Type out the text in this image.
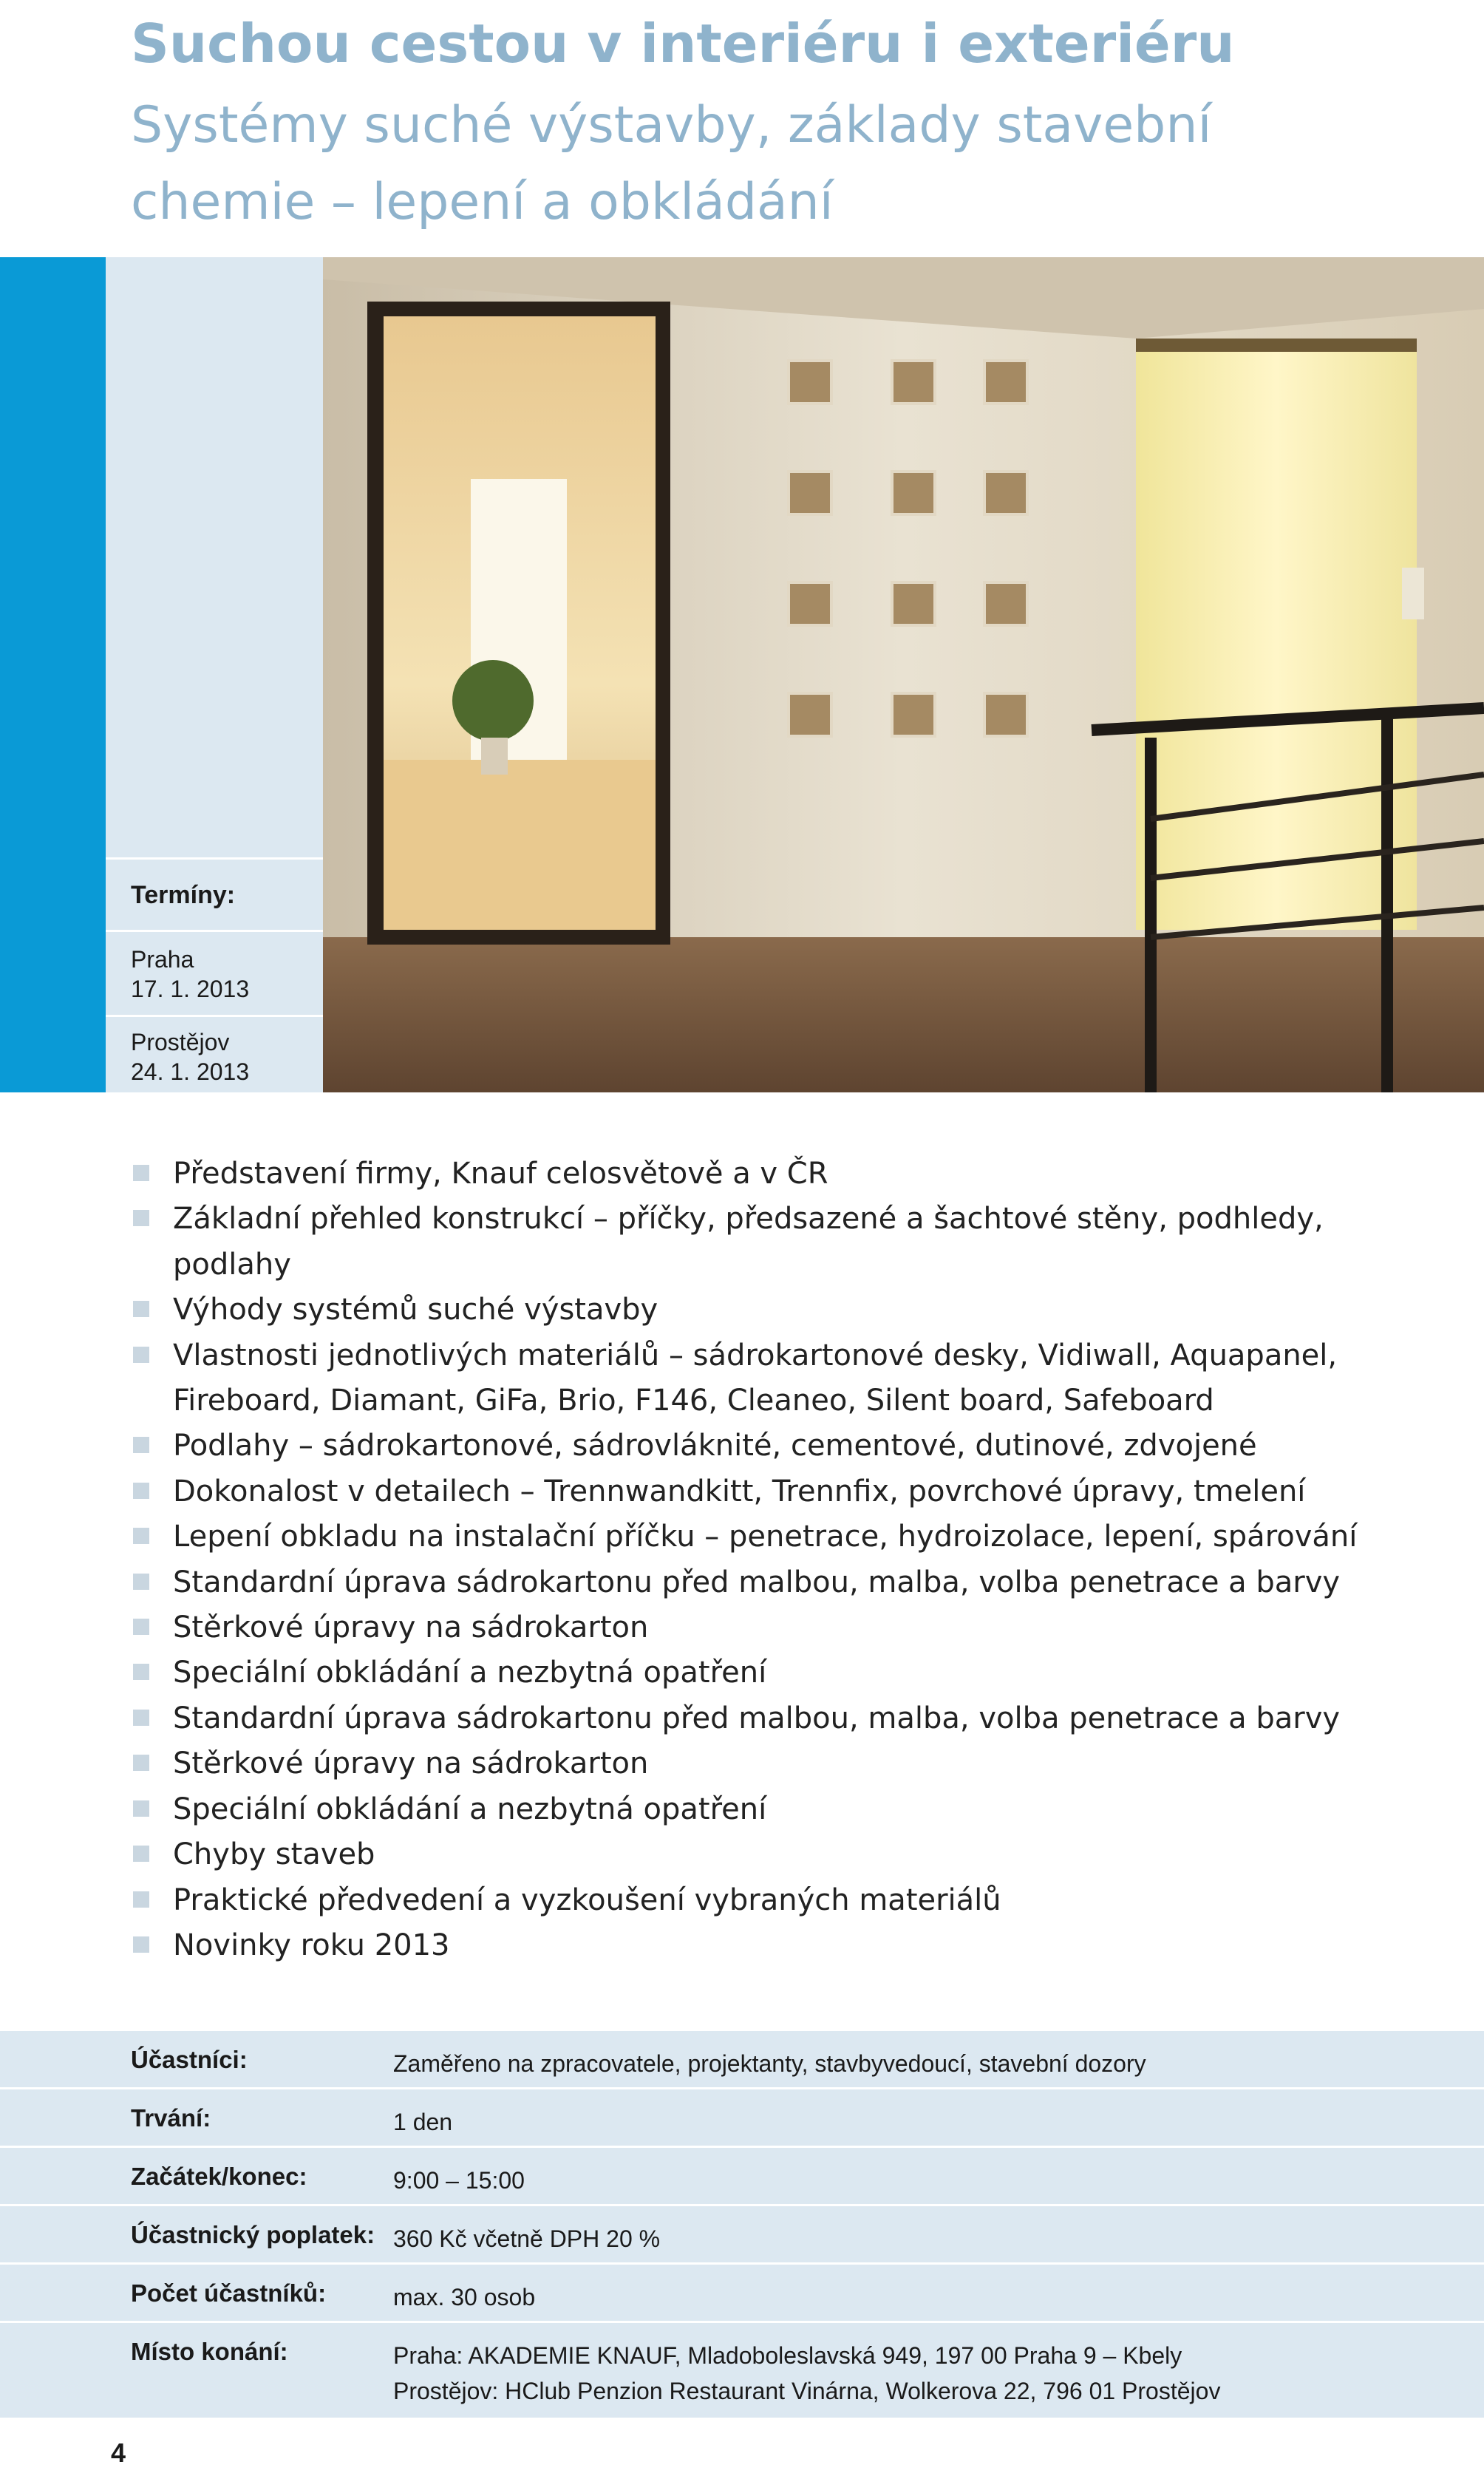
Suchou cestou v interiéru i exteriéru
Systémy suché výstavby, základy stavební
chemie – lepení a obkládání
Termíny:
Praha
17. 1. 2013
Prostějov
24. 1. 2013
Představení firmy, Knauf celosvětově a v ČR
Základní přehled konstrukcí – příčky, předsazené a šachtové stěny, podhledy, podlahy
Výhody systémů suché výstavby
Vlastnosti jednotlivých materiálů – sádrokartonové desky, Vidiwall, Aquapanel,
Fireboard, Diamant, GiFa, Brio, F146, Cleaneo, Silent board, Safeboard
Podlahy – sádrokartonové, sádrovláknité, cementové, dutinové, zdvojené
Dokonalost v detailech – Trennwandkitt, Trennfix, povrchové úpravy, tmelení
Lepení obkladu na instalační příčku – penetrace, hydroizolace, lepení, spárování
Standardní úprava sádrokartonu před malbou, malba, volba penetrace a barvy
Stěrkové úpravy na sádrokarton
Speciální obkládání a nezbytná opatření
Standardní úprava sádrokartonu před malbou, malba, volba penetrace a barvy
Stěrkové úpravy na sádrokarton
Speciální obkládání a nezbytná opatření
Chyby staveb
Praktické předvedení a vyzkoušení vybraných materiálů
Novinky roku 2013
Účastníci:	Zaměřeno na zpracovatele, projektanty, stavbyvedoucí, stavební dozory
Trvání:	1 den
Začátek/konec:	9:00 – 15:00
Účastnický poplatek: 360 Kč včetně DPH 20 %
Počet účastníků:	max. 30 osob
Místo konání:	Praha: AKADEMIE KNAUF, Mladoboleslavská 949, 197 00 Praha 9 – Kbely
Prostějov: HClub Penzion Restaurant Vinárna, Wolkerova 22, 796 01 Prostějov
4
